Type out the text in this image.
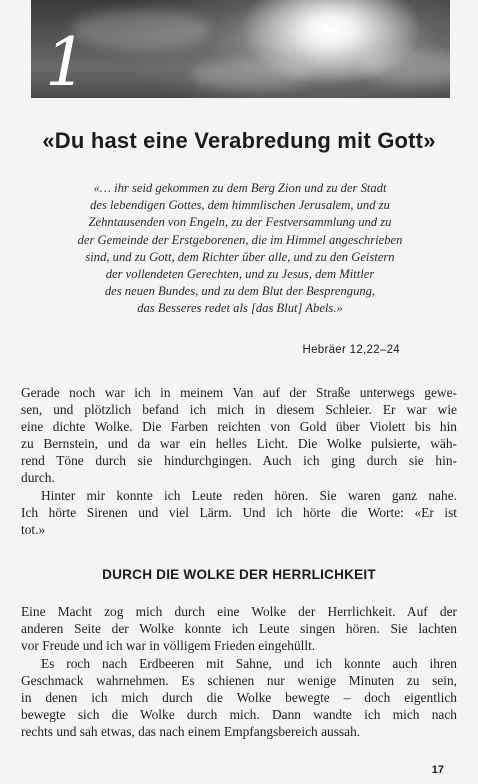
1
«Du hast eine Verabredung mit Gott»
«… ihr seid gekommen zu dem Berg Zion und zu der Stadt
des lebendigen Gottes, dem himmlischen Jerusalem, und zu
Zehntausenden von Engeln, zu der Festversammlung und zu
der Gemeinde der Erstgeborenen, die im Himmel angeschrieben
sind, und zu Gott, dem Richter über alle, und zu den Geistern
der vollendeten Gerechten, und zu Jesus, dem Mittler
des neuen Bundes, und zu dem Blut der Besprengung,
das Besseres redet als [das Blut] Abels.»
Hebräer 12,22–24
Gerade noch war ich in meinem Van auf der Straße unterwegs gewe-
sen, und plötzlich befand ich mich in diesem Schleier. Er war wie
eine dichte Wolke. Die Farben reichten von Gold über Violett bis hin
zu Bernstein, und da war ein helles Licht. Die Wolke pulsierte, wäh-
rend Töne durch sie hindurchgingen. Auch ich ging durch sie hin-
durch.
Hinter mir konnte ich Leute reden hören. Sie waren ganz nahe.
Ich hörte Sirenen und viel Lärm. Und ich hörte die Worte: «Er ist
tot.»
DURCH DIE WOLKE DER HERRLICHKEIT
Eine Macht zog mich durch eine Wolke der Herrlichkeit. Auf der
anderen Seite der Wolke konnte ich Leute singen hören. Sie lachten
vor Freude und ich war in völligem Frieden eingehüllt.
Es roch nach Erdbeeren mit Sahne, und ich konnte auch ihren
Geschmack wahrnehmen. Es schienen nur wenige Minuten zu sein,
in denen ich mich durch die Wolke bewegte – doch eigentlich
bewegte sich die Wolke durch mich. Dann wandte ich mich nach
rechts und sah etwas, das nach einem Empfangsbereich aussah.
17
